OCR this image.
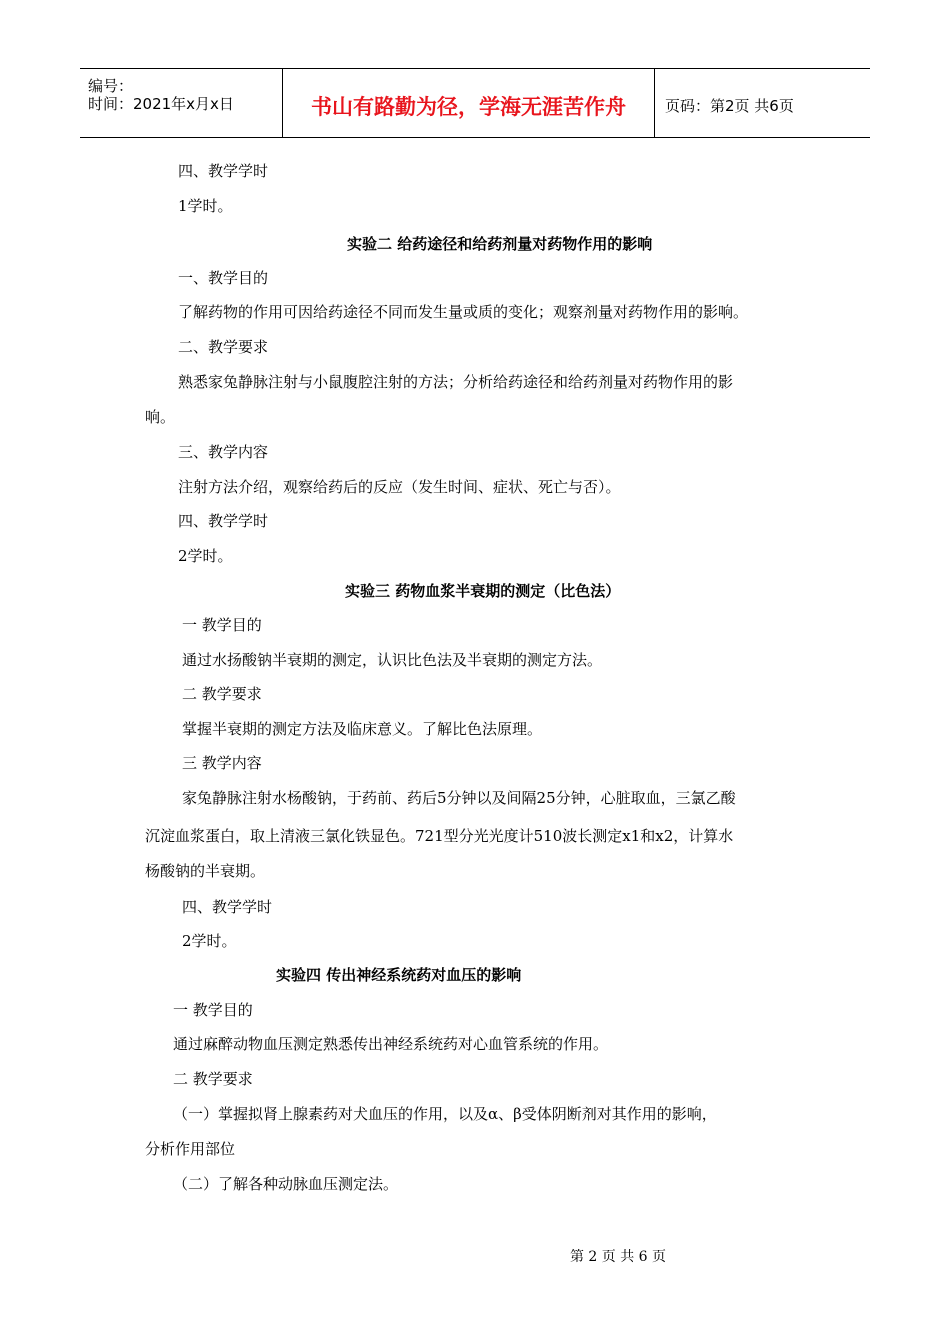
编号：
时间：2021年x月x日	书山有路勤为径，学海无涯苦作舟	页码：第2页 共6页
四、教学学时
1学时。
实验二 给药途径和给药剂量对药物作用的影响
一、教学目的
了解药物的作用可因给药途径不同而发生量或质的变化；观察剂量对药物作用的影响。
二、教学要求
熟悉家兔静脉注射与小鼠腹腔注射的方法；分析给药途径和给药剂量对药物作用的影
响。
三、教学内容
注射方法介绍，观察给药后的反应（发生时间、症状、死亡与否）。
四、教学学时
2学时。
实验三 药物血浆半衰期的测定（比色法）
一 教学目的
通过水扬酸钠半衰期的测定，认识比色法及半衰期的测定方法。
二 教学要求
掌握半衰期的测定方法及临床意义。了解比色法原理。
三 教学内容
家兔静脉注射水杨酸钠，于药前、药后5分钟以及间隔25分钟，心脏取血，三氯乙酸
沉淀血浆蛋白，取上清液三氯化铁显色。721型分光光度计510波长测定x1和x2，计算水
杨酸钠的半衰期。
四、教学学时
2学时。
实验四 传出神经系统药对血压的影响
一 教学目的
通过麻醉动物血压测定熟悉传出神经系统药对心血管系统的作用。
二 教学要求
（一）掌握拟肾上腺素药对犬血压的作用，以及α、β受体阴断剂对其作用的影响，
分析作用部位
（二）了解各种动脉血压测定法。
第 2 页 共 6 页
